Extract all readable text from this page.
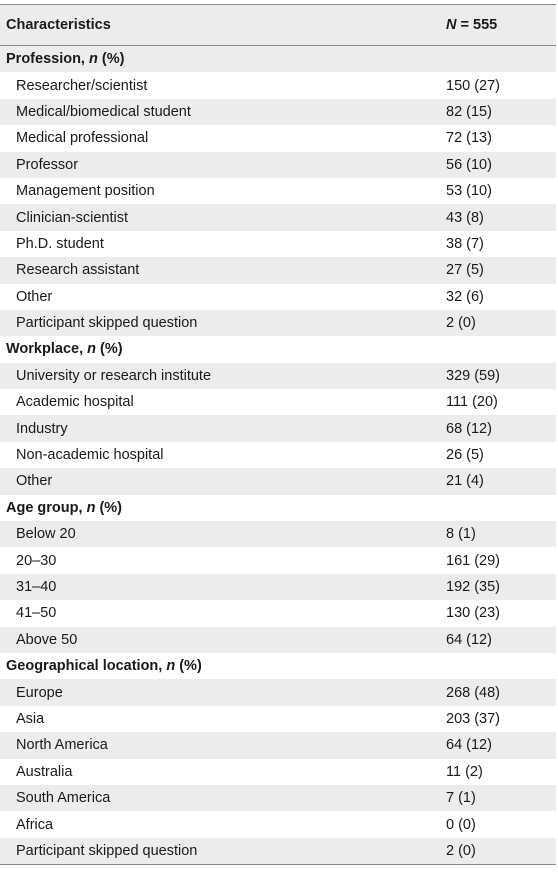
Characteristics	N = 555
Profession, n (%)
Researcher/scientist	150 (27)
Medical/biomedical student	82 (15)
Medical professional	72 (13)
Professor	56 (10)
Management position	53 (10)
Clinician-scientist	43 (8)
Ph.D. student	38 (7)
Research assistant	27 (5)
Other	32 (6)
Participant skipped question	2 (0)
Workplace, n (%)
University or research institute	329 (59)
Academic hospital	111 (20)
Industry	68 (12)
Non-academic hospital	26 (5)
Other	21 (4)
Age group, n (%)
Below 20	8 (1)
20–30	161 (29)
31–40	192 (35)
41–50	130 (23)
Above 50	64 (12)
Geographical location, n (%)
Europe	268 (48)
Asia	203 (37)
North America	64 (12)
Australia	11 (2)
South America	7 (1)
Africa	0 (0)
Participant skipped question	2 (0)
